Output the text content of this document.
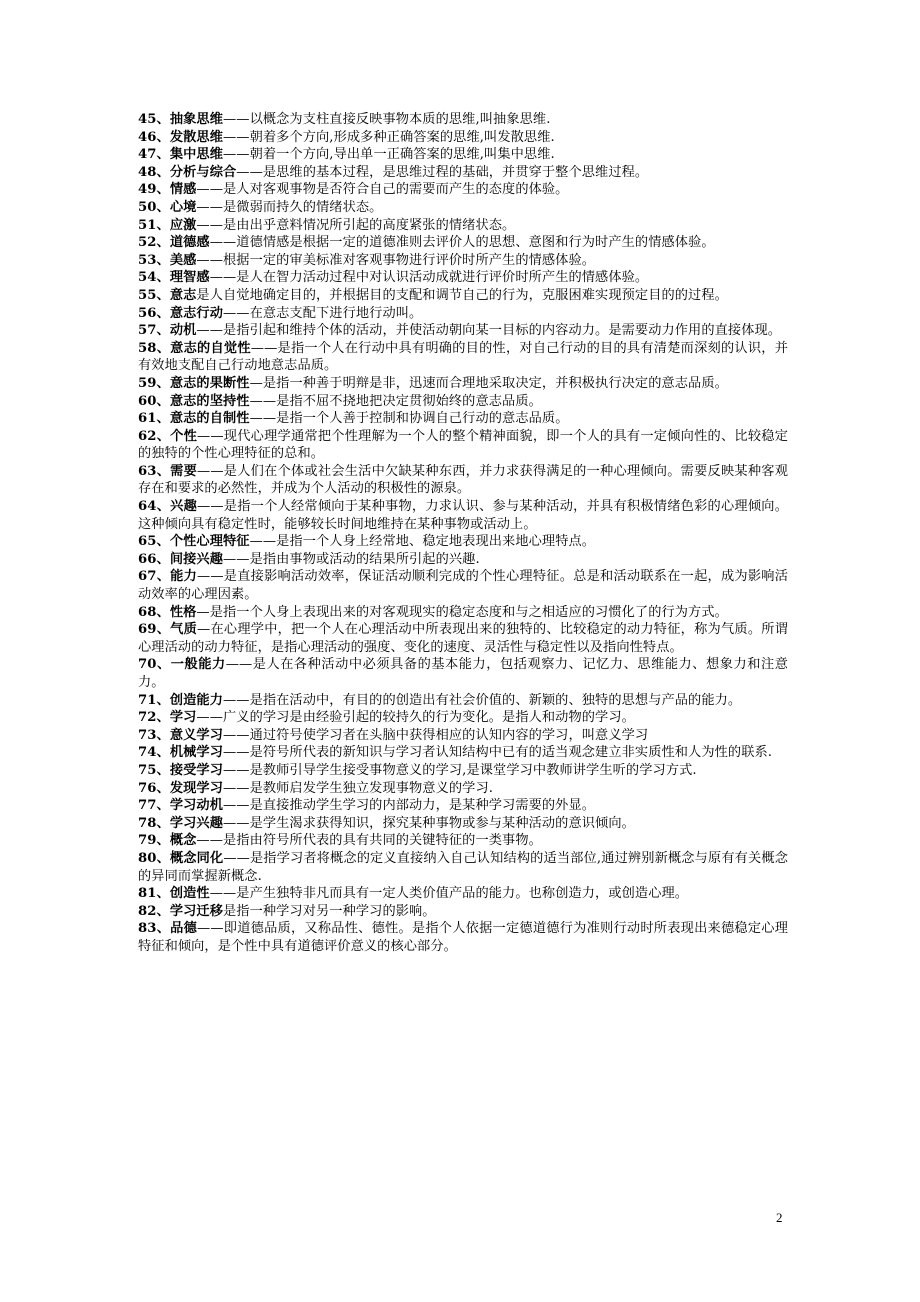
45、抽象思维——以概念为支柱直接反映事物本质的思维,叫抽象思维.

46、发散思维——朝着多个方向,形成多种正确答案的思维,叫发散思维.

47、集中思维——朝着一个方向,导出单一正确答案的思维,叫集中思维.

48、分析与综合——是思维的基本过程，是思维过程的基础，并贯穿于整个思维过程。

49、情感——是人对客观事物是否符合自己的需要而产生的态度的体验。

50、心境——是微弱而持久的情绪状态。

51、应激——是由出乎意料情况所引起的高度紧张的情绪状态。

52、道德感——道德情感是根据一定的道德准则去评价人的思想、意图和行为时产生的情感体验。

53、美感——根据一定的审美标准对客观事物进行评价时所产生的情感体验。

54、理智感——是人在智力活动过程中对认识活动成就进行评价时所产生的情感体验。

55、意志是人自觉地确定目的，并根据目的支配和调节自己的行为，克服困难实现预定目的的过程。

56、意志行动——在意志支配下进行地行动叫。

57、动机——是指引起和维持个体的活动，并使活动朝向某一目标的内容动力。是需要动力作用的直接体现。

58、意志的自觉性——是指一个人在行动中具有明确的目的性，对自己行动的目的具有清楚而深刻的认识，并有效地支配自己行动地意志品质。

59、意志的果断性—是指一种善于明辩是非，迅速而合理地采取决定，并积极执行决定的意志品质。

60、意志的坚持性——是指不屈不挠地把决定贯彻始终的意志品质。

61、意志的自制性——是指一个人善于控制和协调自己行动的意志品质。

62、个性——现代心理学通常把个性理解为一个人的整个精神面貌，即一个人的具有一定倾向性的、比较稳定的独特的个性心理特征的总和。

63、需要——是人们在个体或社会生活中欠缺某种东西，并力求获得满足的一种心理倾向。需要反映某种客观存在和要求的必然性，并成为个人活动的积极性的源泉。

64、兴趣——是指一个人经常倾向于某种事物，力求认识、参与某种活动，并具有积极情绪色彩的心理倾向。这种倾向具有稳定性时，能够较长时间地维持在某种事物或活动上。

65、个性心理特征——是指一个人身上经常地、稳定地表现出来地心理特点。

66、间接兴趣——是指由事物或活动的结果所引起的兴趣.

67、能力——是直接影响活动效率，保证活动顺利完成的个性心理特征。总是和活动联系在一起，成为影响活动效率的心理因素。

68、性格—是指一个人身上表现出来的对客观现实的稳定态度和与之相适应的习惯化了的行为方式。

69、气质—在心理学中，把一个人在心理活动中所表现出来的独特的、比较稳定的动力特征，称为气质。所谓心理活动的动力特征，是指心理活动的强度、变化的速度、灵活性与稳定性以及指向性特点。

70、一般能力——是人在各种活动中必须具备的基本能力，包括观察力、记忆力、思维能力、想象力和注意力。

71、创造能力——是指在活动中，有目的的创造出有社会价值的、新颖的、独特的思想与产品的能力。

72、学习——广义的学习是由经验引起的较持久的行为变化。是指人和动物的学习。

73、意义学习——通过符号使学习者在头脑中获得相应的认知内容的学习，叫意义学习

74、机械学习——是符号所代表的新知识与学习者认知结构中已有的适当观念建立非实质性和人为性的联系.

75、接受学习——是教师引导学生接受事物意义的学习,是课堂学习中教师讲学生听的学习方式.

76、发现学习——是教师启发学生独立发现事物意义的学习.

77、学习动机——是直接推动学生学习的内部动力，是某种学习需要的外显。

78、学习兴趣——是学生渴求获得知识，探究某种事物或参与某种活动的意识倾向。

79、概念——是指由符号所代表的具有共同的关键特征的一类事物。

80、概念同化——是指学习者将概念的定义直接纳入自己认知结构的适当部位,通过辨别新概念与原有有关概念的异同而掌握新概念.

81、创造性——是产生独特非凡而具有一定人类价值产品的能力。也称创造力，或创造心理。

82、学习迁移是指一种学习对另一种学习的影响。

83、品德——即道德品质，又称品性、德性。是指个人依据一定德道德行为准则行动时所表现出来德稳定心理特征和倾向，是个性中具有道德评价意义的核心部分。

2
